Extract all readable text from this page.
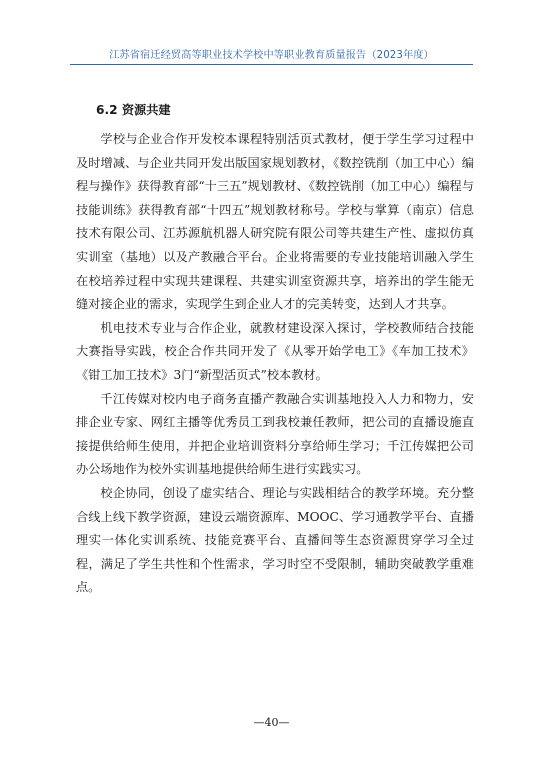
江苏省宿迁经贸高等职业技术学校中等职业教育质量报告（2023年度）
6.2 资源共建

学校与企业合作开发校本课程特别活页式教材，便于学生学习过程中及时增减、与企业共同开发出版国家规划教材，《数控铣削（加工中心）编程与操作》获得教育部“十三五”规划教材、《数控铣削（加工中心）编程与技能训练》获得教育部“十四五”规划教材称号。学校与掌算（南京）信息技术有限公司、江苏源航机器人研究院有限公司等共建生产性、虚拟仿真实训室（基地）以及产教融合平台。企业将需要的专业技能培训融入学生在校培养过程中实现共建课程、共建实训室资源共享，培养出的学生能无缝对接企业的需求，实现学生到企业人才的完美转变，达到人才共享。

机电技术专业与合作企业，就教材建设深入探讨，学校教师结合技能大赛指导实践，校企合作共同开发了《从零开始学电工》《车加工技术》《钳工加工技术》3门“新型活页式”校本教材。

千江传媒对校内电子商务直播产教融合实训基地投入人力和物力，安排企业专家、网红主播等优秀员工到我校兼任教师，把公司的直播设施直接提供给师生使用，并把企业培训资料分享给师生学习；千江传媒把公司办公场地作为校外实训基地提供给师生进行实践实习。

校企协同，创设了虚实结合、理论与实践相结合的教学环境。充分整合线上线下教学资源，建设云端资源库、MOOC、学习通教学平台、直播理实一体化实训系统、技能竞赛平台、直播间等生态资源贯穿学习全过程，满足了学生共性和个性需求，学习时空不受限制，辅助突破教学重难点。

—40—
